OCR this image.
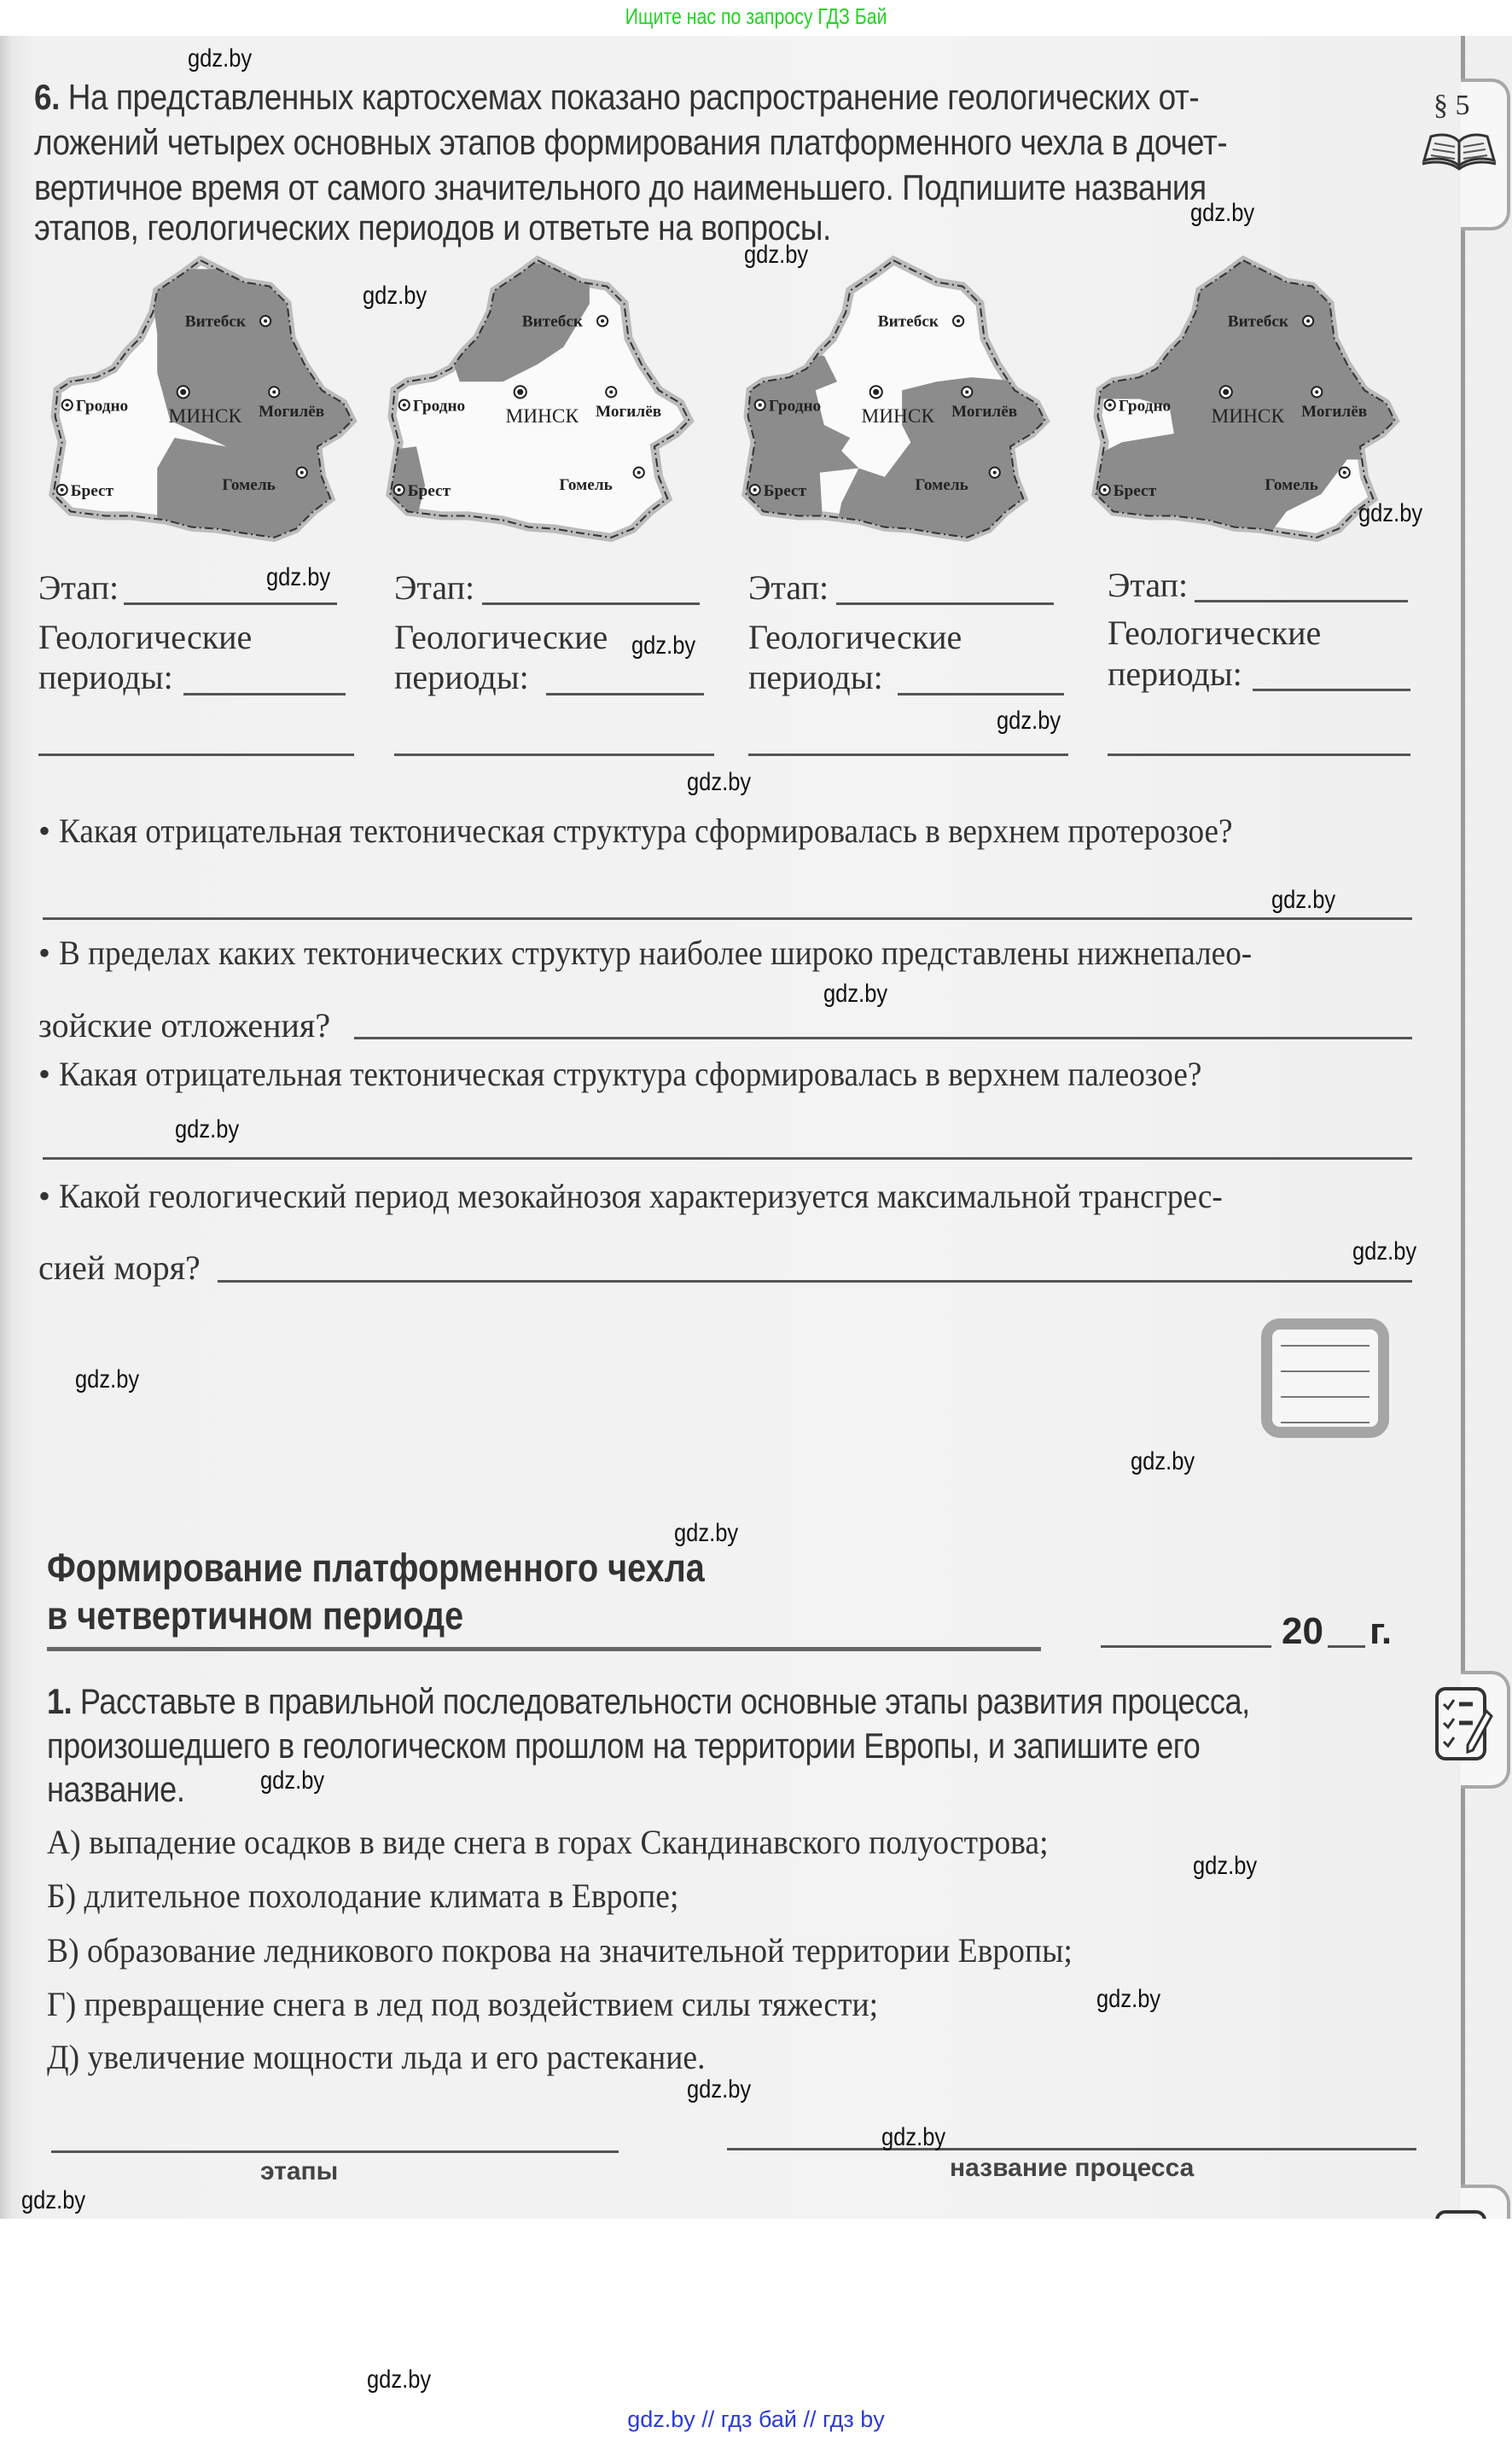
Ищите нас по запросу ГДЗ Бай
§ 5
6. На представленных картосхемах показано распространение геологических от-
ложений четырех основных этапов формирования платформенного чехла в дочет-
вертичное время от самого значительного до наименьшего. Подпишите названия
этапов, геологических периодов и ответьте на вопросы.
Витебск
МИНСК Могилёв
Гродно
Брест	Гомель
Витебск
МИНСК Могилёв
Гродно
Брест	Гомель
Витебск
МИНСК Могилёв
Гродно
Брест	Гомель
Витебск
МИНСК Могилёв
Гродно
Брест	Гомель
Этап:
Геологические
периоды:
Этап:
Геологические
периоды:
Этап:
Геологические
периоды:
Этап:
Геологические
периоды:
• Какая отрицательная тектоническая структура сформировалась в верхнем протерозое?
• В пределах каких тектонических структур наиболее широко представлены нижнепалео-
зойские отложения?
• Какая отрицательная тектоническая структура сформировалась в верхнем палеозое?
• Какой геологический период мезокайнозоя характеризуется максимальной трансгрес-
сией моря?
Формирование платформенного чехла
в четвертичном периоде	20 г.
1. Расставьте в правильной последовательности основные этапы развития процесса,
произошедшего в геологическом прошлом на территории Европы, и запишите его
название.
А) выпадение осадков в виде снега в горах Скандинавского полуострова;
Б) длительное похолодание климата в Европе;
В) образование ледникового покрова на значительной территории Европы;
Г) превращение снега в лед под воздействием силы тяжести;
Д) увеличение мощности льда и его растекание.
этапы	название процесса
gdz.by // гдз бай // гдз by
gdz.by
gdz.by
gdz.by
gdz.by
gdz.by
gdz.by
gdz.by
gdz.by
gdz.by
gdz.by
gdz.by
gdz.by
gdz.by
gdz.by
gdz.by
gdz.by
gdz.by
gdz.by
gdz.by
gdz.by
gdz.by
gdz.by
gdz.by
